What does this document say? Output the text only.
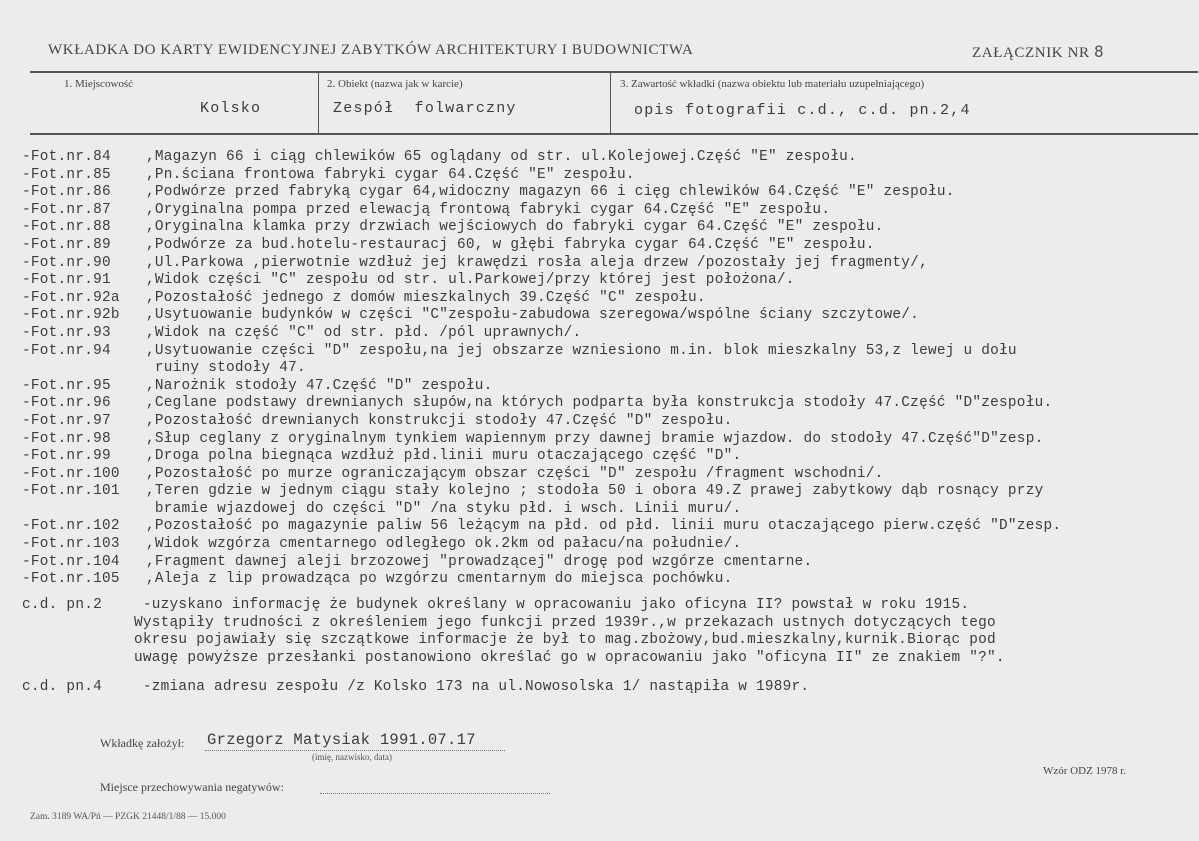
WKŁADKA DO KARTY EWIDENCYJNEJ ZABYTKÓW ARCHITEKTURY I BUDOWNICTWA	ZAŁĄCZNIK NR 8
1. Miejscowość	2. Obiekt (nazwa jak w karcie)	3. Zawartość wkładki (nazwa obiektu lub materiału uzupełniającego)
Kolsko	Zespół  folwarczny	opis fotografii c.d., c.d. pn.2,4
-Fot.nr.84	,Magazyn 66 i ciąg chlewików 65 oglądany od str. ul.Kolejowej.Część "E" zespołu.
-Fot.nr.85	,Pn.ściana frontowa fabryki cygar 64.Część "E" zespołu.
-Fot.nr.86	,Podwórze przed fabryką cygar 64,widoczny magazyn 66 i cięg chlewików 64.Część "E" zespołu.
-Fot.nr.87	,Oryginalna pompa przed elewacją frontową fabryki cygar 64.Część "E" zespołu.
-Fot.nr.88	,Oryginalna klamka przy drzwiach wejściowych do fabryki cygar 64.Część "E" zespołu.
-Fot.nr.89	,Podwórze za bud.hotelu-restauracj 60, w głębi fabryka cygar 64.Część "E" zespołu.
-Fot.nr.90	,Ul.Parkowa ,pierwotnie wzdłuż jej krawędzi rosła aleja drzew /pozostały jej fragmenty/,
-Fot.nr.91	,Widok części "C" zespołu od str. ul.Parkowej/przy której jest położona/.
-Fot.nr.92a	,Pozostałość jednego z domów mieszkalnych 39.Część "C" zespołu.
-Fot.nr.92b	,Usytuowanie budynków w części "C"zespołu-zabudowa szeregowa/wspólne ściany szczytowe/.
-Fot.nr.93	,Widok na część "C" od str. płd. /pól uprawnych/.
-Fot.nr.94	,Usytuowanie części "D" zespołu,na jej obszarze wzniesiono m.in. blok mieszkalny 53,z lewej u dołu
ruiny stodoły 47.
-Fot.nr.95	,Narożnik stodoły 47.Część "D" zespołu.
-Fot.nr.96	,Ceglane podstawy drewnianych słupów,na których podparta była konstrukcja stodoły 47.Część "D"zespołu.
-Fot.nr.97	,Pozostałość drewnianych konstrukcji stodoły 47.Część "D" zespołu.
-Fot.nr.98	,Słup ceglany z oryginalnym tynkiem wapiennym przy dawnej bramie wjazdow. do stodoły 47.Część"D"zesp.
-Fot.nr.99	,Droga polna biegnąca wzdłuż płd.linii muru otaczającego część "D".
-Fot.nr.100	,Pozostałość po murze ograniczającym obszar części "D" zespołu /fragment wschodni/.
-Fot.nr.101	,Teren gdzie w jednym ciągu stały kolejno ; stodoła 50 i obora 49.Z prawej zabytkowy dąb rosnący przy
bramie wjazdowej do części "D" /na styku płd. i wsch. Linii muru/.
-Fot.nr.102	,Pozostałość po magazynie paliw 56 leżącym na płd. od płd. linii muru otaczającego pierw.część "D"zesp.
-Fot.nr.103	,Widok wzgórza cmentarnego odległego ok.2km od pałacu/na południe/.
-Fot.nr.104	,Fragment dawnej aleji brzozowej "prowadzącej" drogę pod wzgórze cmentarne.
-Fot.nr.105	,Aleja z lip prowadząca po wzgórzu cmentarnym do miejsca pochówku.
c.d. pn.2 -uzyskano informację że budynek określany w opracowaniu jako oficyna II? powstał w roku 1915.
Wystąpiły trudności z określeniem jego funkcji przed 1939r.,w przekazach ustnych dotyczących tego
okresu pojawiały się szczątkowe informacje że był to mag.zbożowy,bud.mieszkalny,kurnik.Biorąc pod
uwagę powyższe przesłanki postanowiono określać go w opracowaniu jako "oficyna II" ze znakiem "?".
c.d. pn.4 -zmiana adresu zespołu /z Kolsko 173 na ul.Nowosolska 1/ nastąpiła w 1989r.
Wkładkę założył: Grzegorz Matysiak 1991.07.17
(imię, nazwisko, data)
Miejsce przechowywania negatywów:
Wzór ODZ 1978 r.
Zam. 3189 WA/Pń — PZGK 21448/1/88 — 15.000
